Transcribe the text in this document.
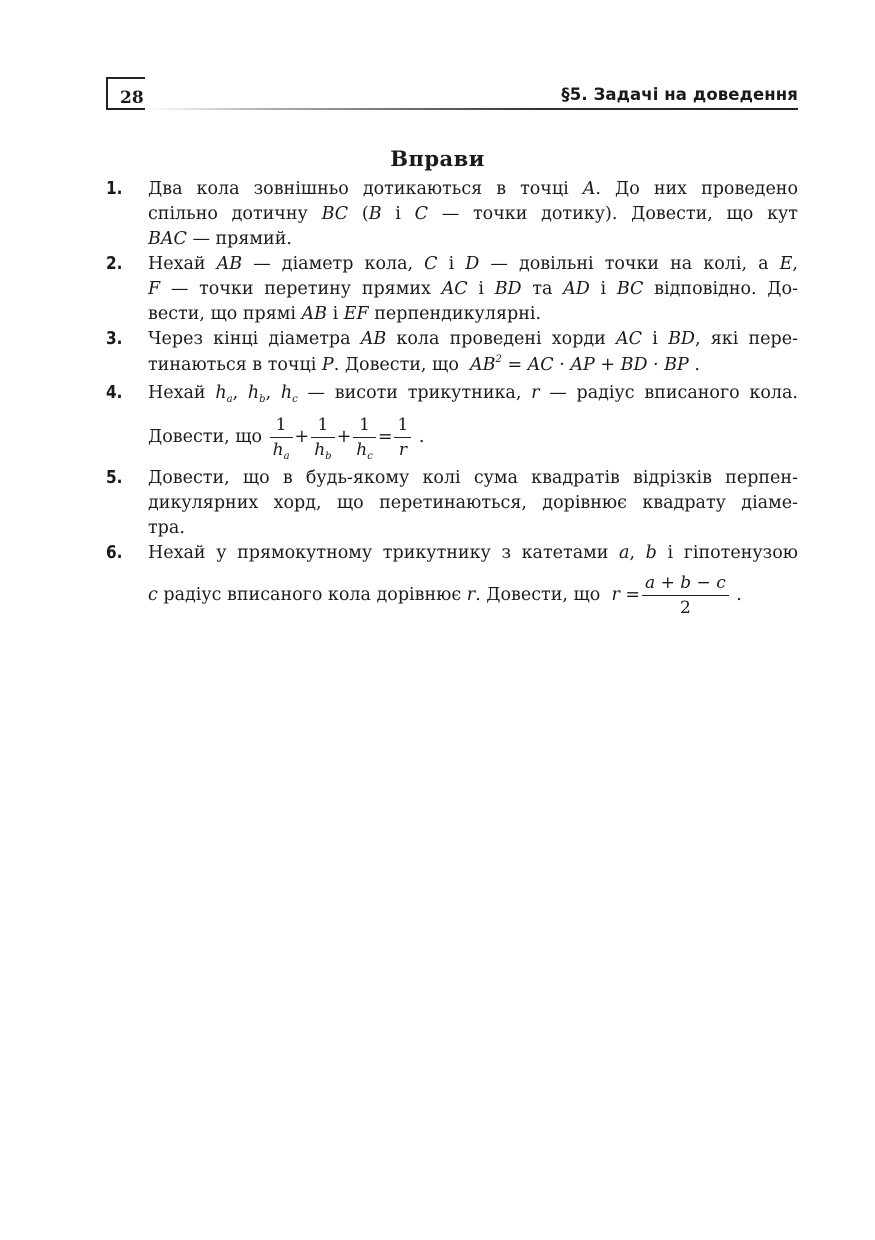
28	§5. Задачі на доведення
Вправи
1. Два кола зовнішньо дотикаються в точці A. До них проведено
спільно дотичну BC (B і C — точки дотику). Довести, що кут
BAC — прямий.
2. Нехай AB — діаметр кола, C і D — довільні точки на колі, а E,
F — точки перетину прямих AC і BD та AD і BC відповідно. До-
вести, що прямі AB і EF перпендикулярні.
3. Через кінці діаметра AB кола проведені хорди AC і BD, які пере-
тинаються в точці P. Довести, що  $AB^2$ = AC · AP + BD · BP .
4. Нехай $h_a$, $h_b$, $h_c$ — висоти трикутника, r — радіус вписаного кола.
Довести, що $\frac{1}{h_a} + \frac{1}{h_b} + \frac{1}{h_c} = \frac{1}{r}$ .
5. Довести, що в будь-якому колі сума квадратів відрізків перпен-
дикулярних хорд, що перетинаються, дорівнює квадрату діаме-
тра.
6. Нехай у прямокутному трикутнику з катетами a, b і гіпотенузою
c радіус вписаного кола дорівнює r. Довести, що  $r = \frac{a + b - c}{2}$ .
